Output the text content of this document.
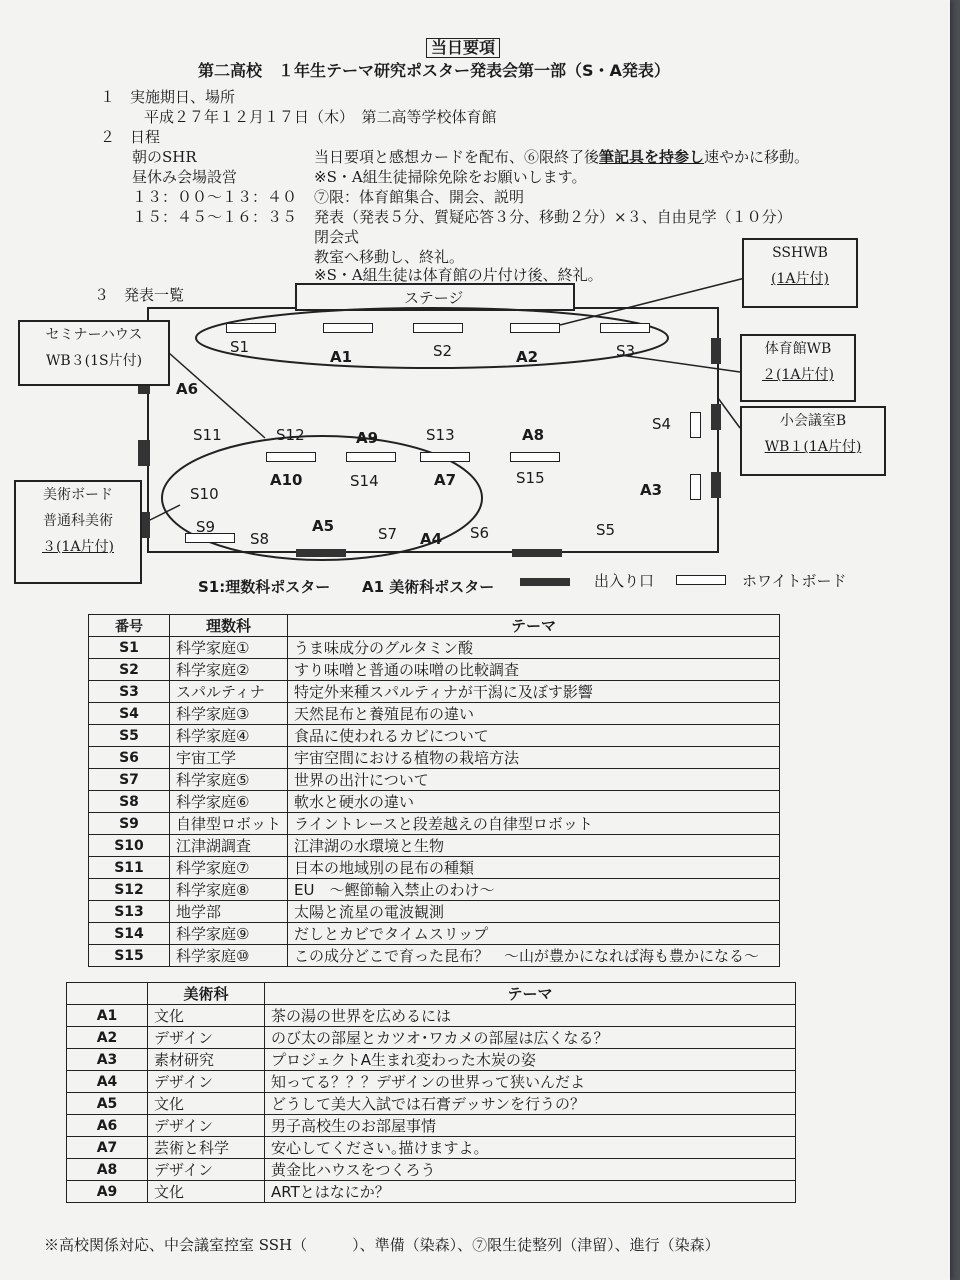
当日要項
第二高校　１年生テーマ研究ポスター発表会第一部（S・A発表）
１　実施期日、場所
平成２７年１２月１７日（木）　第二高等学校体育館
２　日程
朝のSHR	当日要項と感想カードを配布、⑥限終了後筆記具を持参し速やかに移動。
昼休み会場設営	※S・A組生徒掃除免除をお願いします。
１３：００〜１３：４０ ⑦限：体育館集合、開会、説明
１５：４５〜１６：３５ 発表（発表５分、質疑応答３分、移動２分）×３、自由見学（１０分）
閉会式
教室へ移動し、終礼。
※S・A組生徒は体育館の片付け後、終礼。
３　発表一覧	ステージ
S1
A1	S2	A2	S3
S4
A3
A6
S11	S12	A9	S13	A8
S10
A10	S14	A7	S15
S9
S8
A5	S7 A4 S6	S5
SSHWB
(1A片付)
セミナーハウス
WB３(1S片付)
体育館WB
２(1A片付)
小会議室B
WB１(1A片付)
美術ボード
普通科美術
３(1A片付)
S1:理数科ポスター A1 美術科ポスター	出入り口	ホワイトボード
番号	理数科	テーマ
S1	科学家庭①	うま味成分のグルタミン酸
S2	科学家庭②	すり味噌と普通の味噌の比較調査
S3	スパルティナ	特定外来種スパルティナが干潟に及ぼす影響
S4	科学家庭③	天然昆布と養殖昆布の違い
S5	科学家庭④	食品に使われるカビについて
S6	宇宙工学	宇宙空間における植物の栽培方法
S7	科学家庭⑤	世界の出汁について
S8	科学家庭⑥	軟水と硬水の違い
S9	自律型ロボット	ライントレースと段差越えの自律型ロボット
S10	江津湖調査	江津湖の水環境と生物
S11	科学家庭⑦	日本の地域別の昆布の種類
S12	科学家庭⑧	EU　〜鰹節輸入禁止のわけ〜
S13	地学部	太陽と流星の電波観測
S14	科学家庭⑨	だしとカビでタイムスリップ
S15	科学家庭⑩	この成分どこで育った昆布？　〜山が豊かになれば海も豊かになる〜
	美術科	テーマ
A1	文化	茶の湯の世界を広めるには
A2	デザイン	のび太の部屋とカツオ･ワカメの部屋は広くなる？
A3	素材研究	プロジェクトA生まれ変わった木炭の姿
A4	デザイン	知ってる？？？デザインの世界って狭いんだよ
A5	文化	どうして美大入試では石膏デッサンを行うの？
A6	デザイン	男子高校生のお部屋事情
A7	芸術と科学	安心してください｡描けますよ｡
A8	デザイン	黄金比ハウスをつくろう
A9	文化	ARTとはなにか？
※高校関係対応、中会議室控室 SSH（　　　）、準備（染森）、⑦限生徒整列（津留）、進行（染森）
